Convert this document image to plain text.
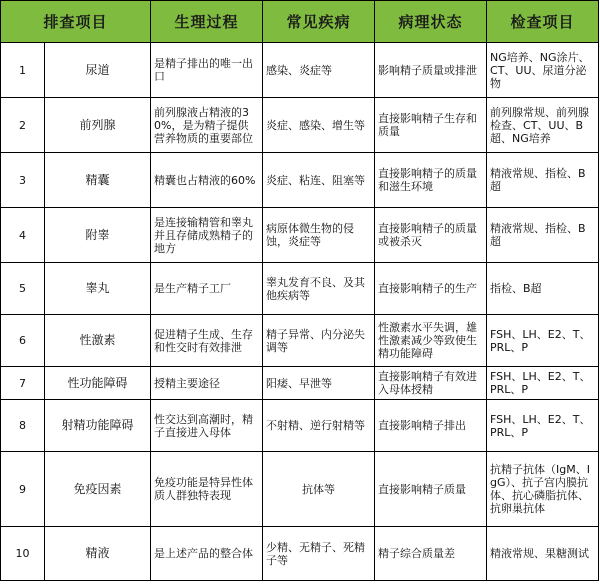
排查项目		生理过程	常见疾病	病理状态	检查项目
1	尿道	是精子排出的唯一出口	感染、炎症等	影响精子质量或排泄	NG培养、NG涂片、CT、UU、尿道分泌物
2	前列腺	前列腺液占精液的30%，是为精子提供营养物质的重要部位	炎症、感染、增生等	直接影响精子生存和质量	前列腺常规、前列腺检查、CT、UU、B超、NG培养
3	精囊	精囊也占精液的60%	炎症、粘连、阻塞等	直接影响精子的质量和滋生环境	精液常规、指检、B超
4	附睾	是连接输精管和睾丸并且存储成熟精子的地方	病原体微生物的侵蚀，炎症等	直接影响精子的质量或被杀灭	精液常规、指检、B超
5	睾丸	是生产精子工厂	睾丸发育不良、及其他疾病等	直接影响精子的生产	指检、B超
6	性激素	促进精子生成、生存和性交时有效排泄	精子异常、内分泌失调等	性激素水平失调，雄性激素减少等致使生精功能障碍	FSH、LH、E2、T、PRL、P
7	性功能障碍	授精主要途径	阳痿、早泄等	直接影响精子有效进入母体授精	FSH、LH、E2、T、PRL、P
8	射精功能障碍	性交达到高潮时，精子直接进入母体	不射精、逆行射精等	直接影响精子排出	FSH、LH、E2、T、PRL、P
9	免疫因素	免疫功能是特异性体质人群独特表现	抗体等	直接影响精子质量	抗精子抗体（IgM、IgG）、抗子宫内膜抗体、抗心磷脂抗体、抗卵巢抗体
10	精液	是上述产品的整合体	少精、无精子、死精子等	精子综合质量差	精液常规、果糖测试
